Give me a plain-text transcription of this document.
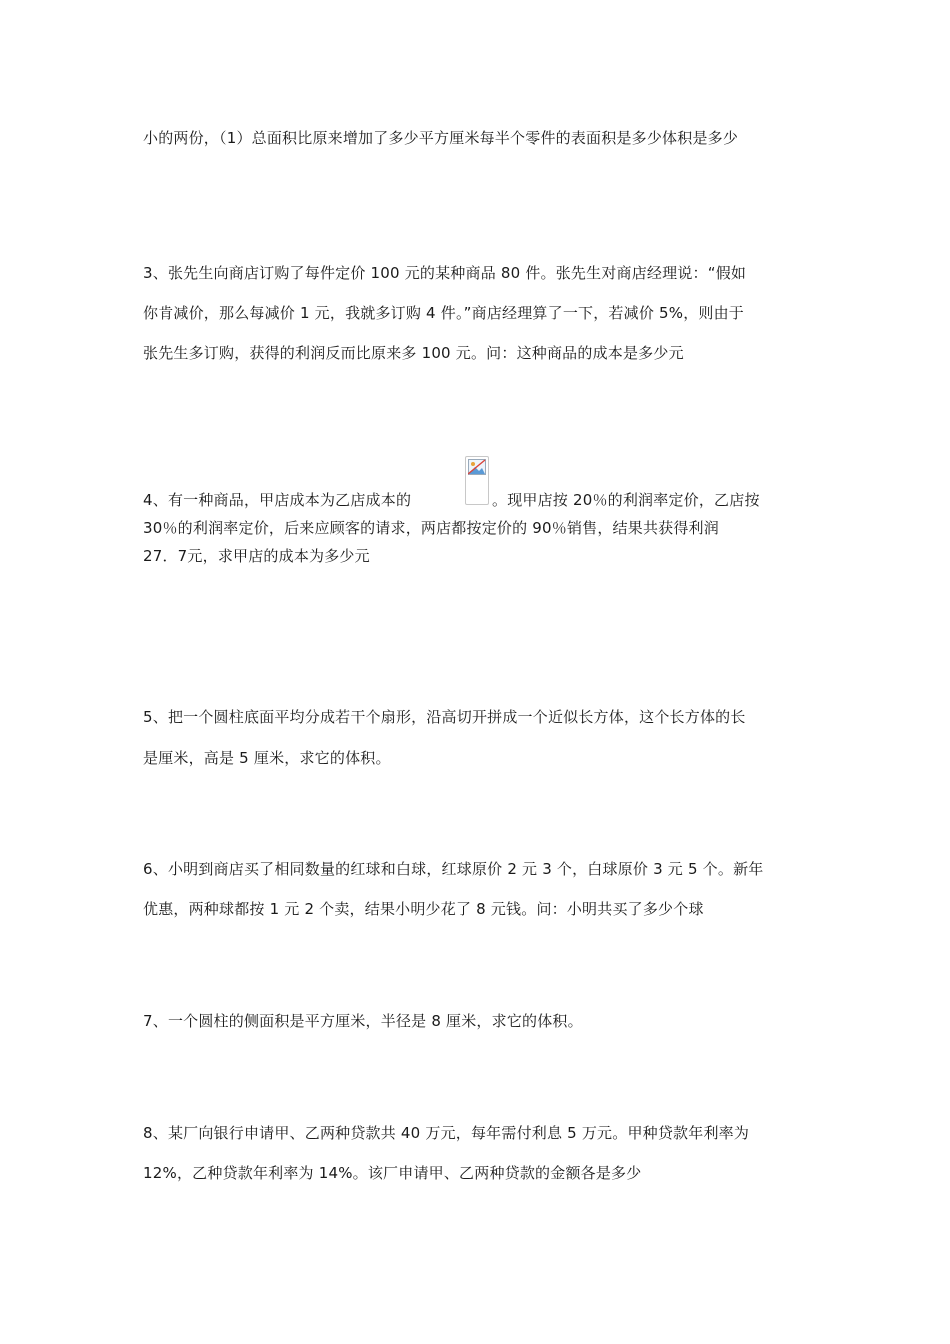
小的两份，（1）总面积比原来增加了多少平方厘米每半个零件的表面积是多少体积是多少
3、张先生向商店订购了每件定价 100 元的某种商品 80 件。张先生对商店经理说：“假如
你肯减价，那么每减价 1 元，我就多订购 4 件。”商店经理算了一下，若减价 5%，则由于
张先生多订购，获得的利润反而比原来多 100 元。问：这种商品的成本是多少元
4、有一种商品，甲店成本为乙店成本的	。现甲店按 20％的利润率定价，乙店按
30％的利润率定价，后来应顾客的请求，两店都按定价的 90％销售，结果共获得利润
27．7元，求甲店的成本为多少元
5、把一个圆柱底面平均分成若干个扇形，沿高切开拼成一个近似长方体，这个长方体的长
是厘米，高是 5 厘米，求它的体积。
6、小明到商店买了相同数量的红球和白球，红球原价 2 元 3 个，白球原价 3 元 5 个。新年
优惠，两种球都按 1 元 2 个卖，结果小明少花了 8 元钱。问：小明共买了多少个球
7、一个圆柱的侧面积是平方厘米，半径是 8 厘米，求它的体积。
8、某厂向银行申请甲、乙两种贷款共 40 万元，每年需付利息 5 万元。甲种贷款年利率为
12%，乙种贷款年利率为 14%。该厂申请甲、乙两种贷款的金额各是多少
